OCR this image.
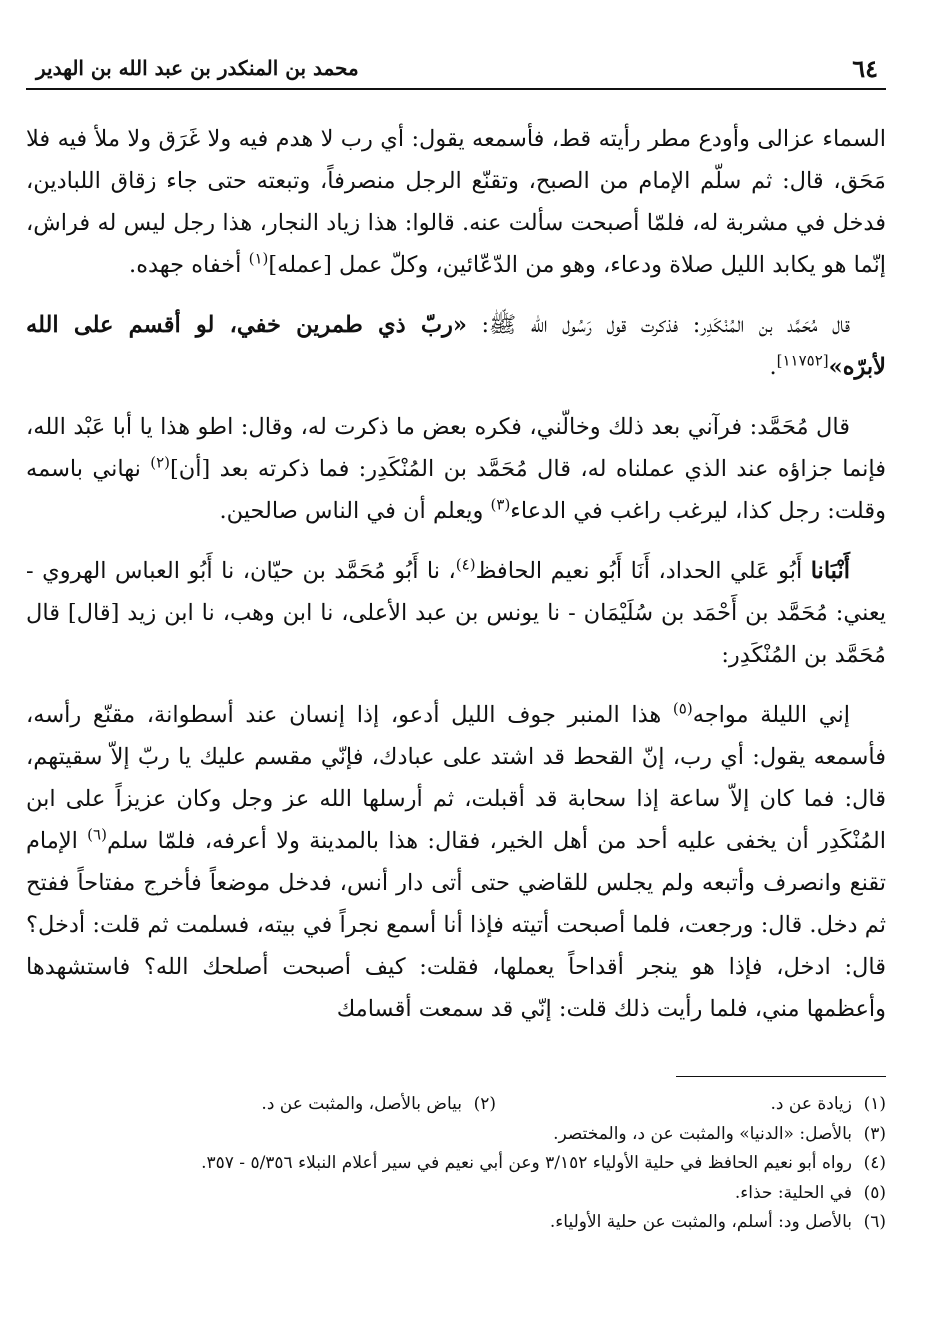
٦٤
محمد بن المنكدر بن عبد الله بن الهدير

السماء عزالى وأودع مطر رأيته قط، فأسمعه يقول: أي رب لا هدم فيه ولا غَرَق ولا ملأ فيه فلا مَحَق، قال: ثم سلّم الإمام من الصبح، وتقنّع الرجل منصرفاً، وتبعته حتى جاء زقاق اللبادين، فدخل في مشربة له، فلمّا أصبحت سألت عنه. قالوا: هذا زياد النجار، هذا رجل ليس له فراش، إنّما هو يكابد الليل صلاة ودعاء، وهو من الدّعّائين، وكلّ عمل [عمله]$^{(١)}$ أخفاه جهده.

قال مُحَمَّد بن المُنْكَدِر: فذكرت قول رَسُول الله ﷺ: «ربّ ذي طمرين خفي، لو أقسم على الله لأبرّه»[١١٧٥٢].

قال مُحَمَّد: فرآني بعد ذلك وخالّني، فكره بعض ما ذكرت له، وقال: اطو هذا يا أبا عَبْد الله، فإنما جزاؤه عند الذي عملناه له، قال مُحَمَّد بن المُنْكَدِر: فما ذكرته بعد [أن]$^{(٢)}$ نهاني باسمه وقلت: رجل كذا، ليرغب راغب في الدعاء$^{(٣)}$ ويعلم أن في الناس صالحين.

أَنْبَانا أَبُو عَلي الحداد، أَنَا أَبُو نعيم الحافظ$^{(٤)}$، نا أَبُو مُحَمَّد بن حيّان، نا أَبُو العباس الهروي - يعني: مُحَمَّد بن أَحْمَد بن سُلَيْمَان - نا يونس بن عبد الأعلى، نا ابن وهب، نا ابن زيد [قال] قال مُحَمَّد بن المُنْكَدِر:

إني الليلة مواجه$^{(٥)}$ هذا المنبر جوف الليل أدعو، إذا إنسان عند أسطوانة، مقنّع رأسه، فأسمعه يقول: أي رب، إنّ القحط قد اشتد على عبادك، فإنّي مقسم عليك يا ربّ إلاّ سقيتهم، قال: فما كان إلاّ ساعة إذا سحابة قد أقبلت، ثم أرسلها الله عز وجل وكان عزيزاً على ابن المُنْكَدِر أن يخفى عليه أحد من أهل الخير، فقال: هذا بالمدينة ولا أعرفه، فلمّا سلم$^{(٦)}$ الإمام تقنع وانصرف وأتبعه ولم يجلس للقاضي حتى أتى دار أنس، فدخل موضعاً فأخرج مفتاحاً ففتح ثم دخل. قال: ورجعت، فلما أصبحت أتيته فإذا أنا أسمع نجراً في بيته، فسلمت ثم قلت: أدخل؟ قال: ادخل، فإذا هو ينجر أقداحاً يعملها، فقلت: كيف أصبحت أصلحك الله؟ فاستشهدها وأعظمها مني، فلما رأيت ذلك قلت: إنّي قد سمعت أقسامك

(١)زيادة عن د.
(٢)بياض بالأصل، والمثبت عن د.
(٣)بالأصل: «الدنيا» والمثبت عن د، والمختصر.
(٤)رواه أبو نعيم الحافظ في حلية الأولياء ٣/١٥٢ وعن أبي نعيم في سير أعلام النبلاء ٥/٣٥٦ - ٣٥٧.
(٥)في الحلية: حذاء.
(٦)بالأصل ود: أسلم، والمثبت عن حلية الأولياء.
